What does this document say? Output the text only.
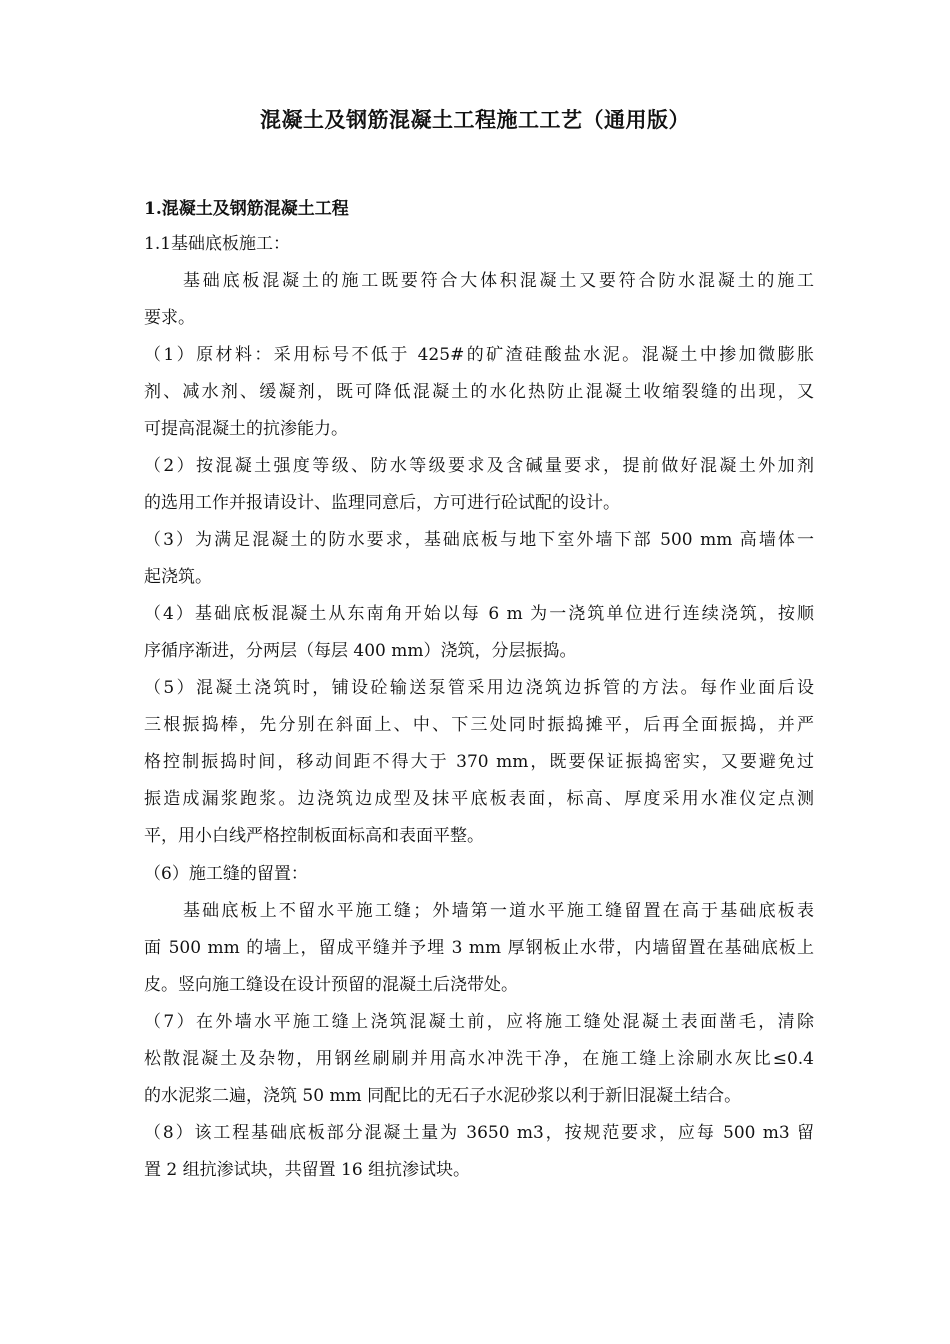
混凝土及钢筋混凝土工程施工工艺（通用版）
1.混凝土及钢筋混凝土工程
1.1基础底板施工：
基础底板混凝土的施工既要符合大体积混凝土又要符合防水混凝土的施工
要求。
（1）原材料：采用标号不低于 425#的矿渣硅酸盐水泥。混凝土中掺加微膨胀
剂、减水剂、缓凝剂，既可降低混凝土的水化热防止混凝土收缩裂缝的出现，又
可提高混凝土的抗渗能力。
（2）按混凝土强度等级、防水等级要求及含碱量要求，提前做好混凝土外加剂
的选用工作并报请设计、监理同意后，方可进行砼试配的设计。
（3）为满足混凝土的防水要求，基础底板与地下室外墙下部 500 mm 高墙体一
起浇筑。
（4）基础底板混凝土从东南角开始以每 6 m 为一浇筑单位进行连续浇筑，按顺
序循序渐进，分两层（每层 400 mm）浇筑，分层振捣。
（5）混凝土浇筑时，铺设砼输送泵管采用边浇筑边拆管的方法。每作业面后设
三根振捣棒，先分别在斜面上、中、下三处同时振捣摊平，后再全面振捣，并严
格控制振捣时间，移动间距不得大于 370 mm，既要保证振捣密实，又要避免过
振造成漏浆跑浆。边浇筑边成型及抹平底板表面，标高、厚度采用水准仪定点测
平，用小白线严格控制板面标高和表面平整。
（6）施工缝的留置：
基础底板上不留水平施工缝；外墙第一道水平施工缝留置在高于基础底板表
面 500 mm 的墙上，留成平缝并予埋 3 mm 厚钢板止水带，内墙留置在基础底板上
皮。竖向施工缝设在设计预留的混凝土后浇带处。
（7）在外墙水平施工缝上浇筑混凝土前，应将施工缝处混凝土表面凿毛，清除
松散混凝土及杂物，用钢丝刷刷并用高水冲洗干净，在施工缝上涂刷水灰比≤0.4
的水泥浆二遍，浇筑 50 mm 同配比的无石子水泥砂浆以利于新旧混凝土结合。
（8）该工程基础底板部分混凝土量为 3650 m3，按规范要求，应每 500 m3 留
置 2 组抗渗试块，共留置 16 组抗渗试块。
